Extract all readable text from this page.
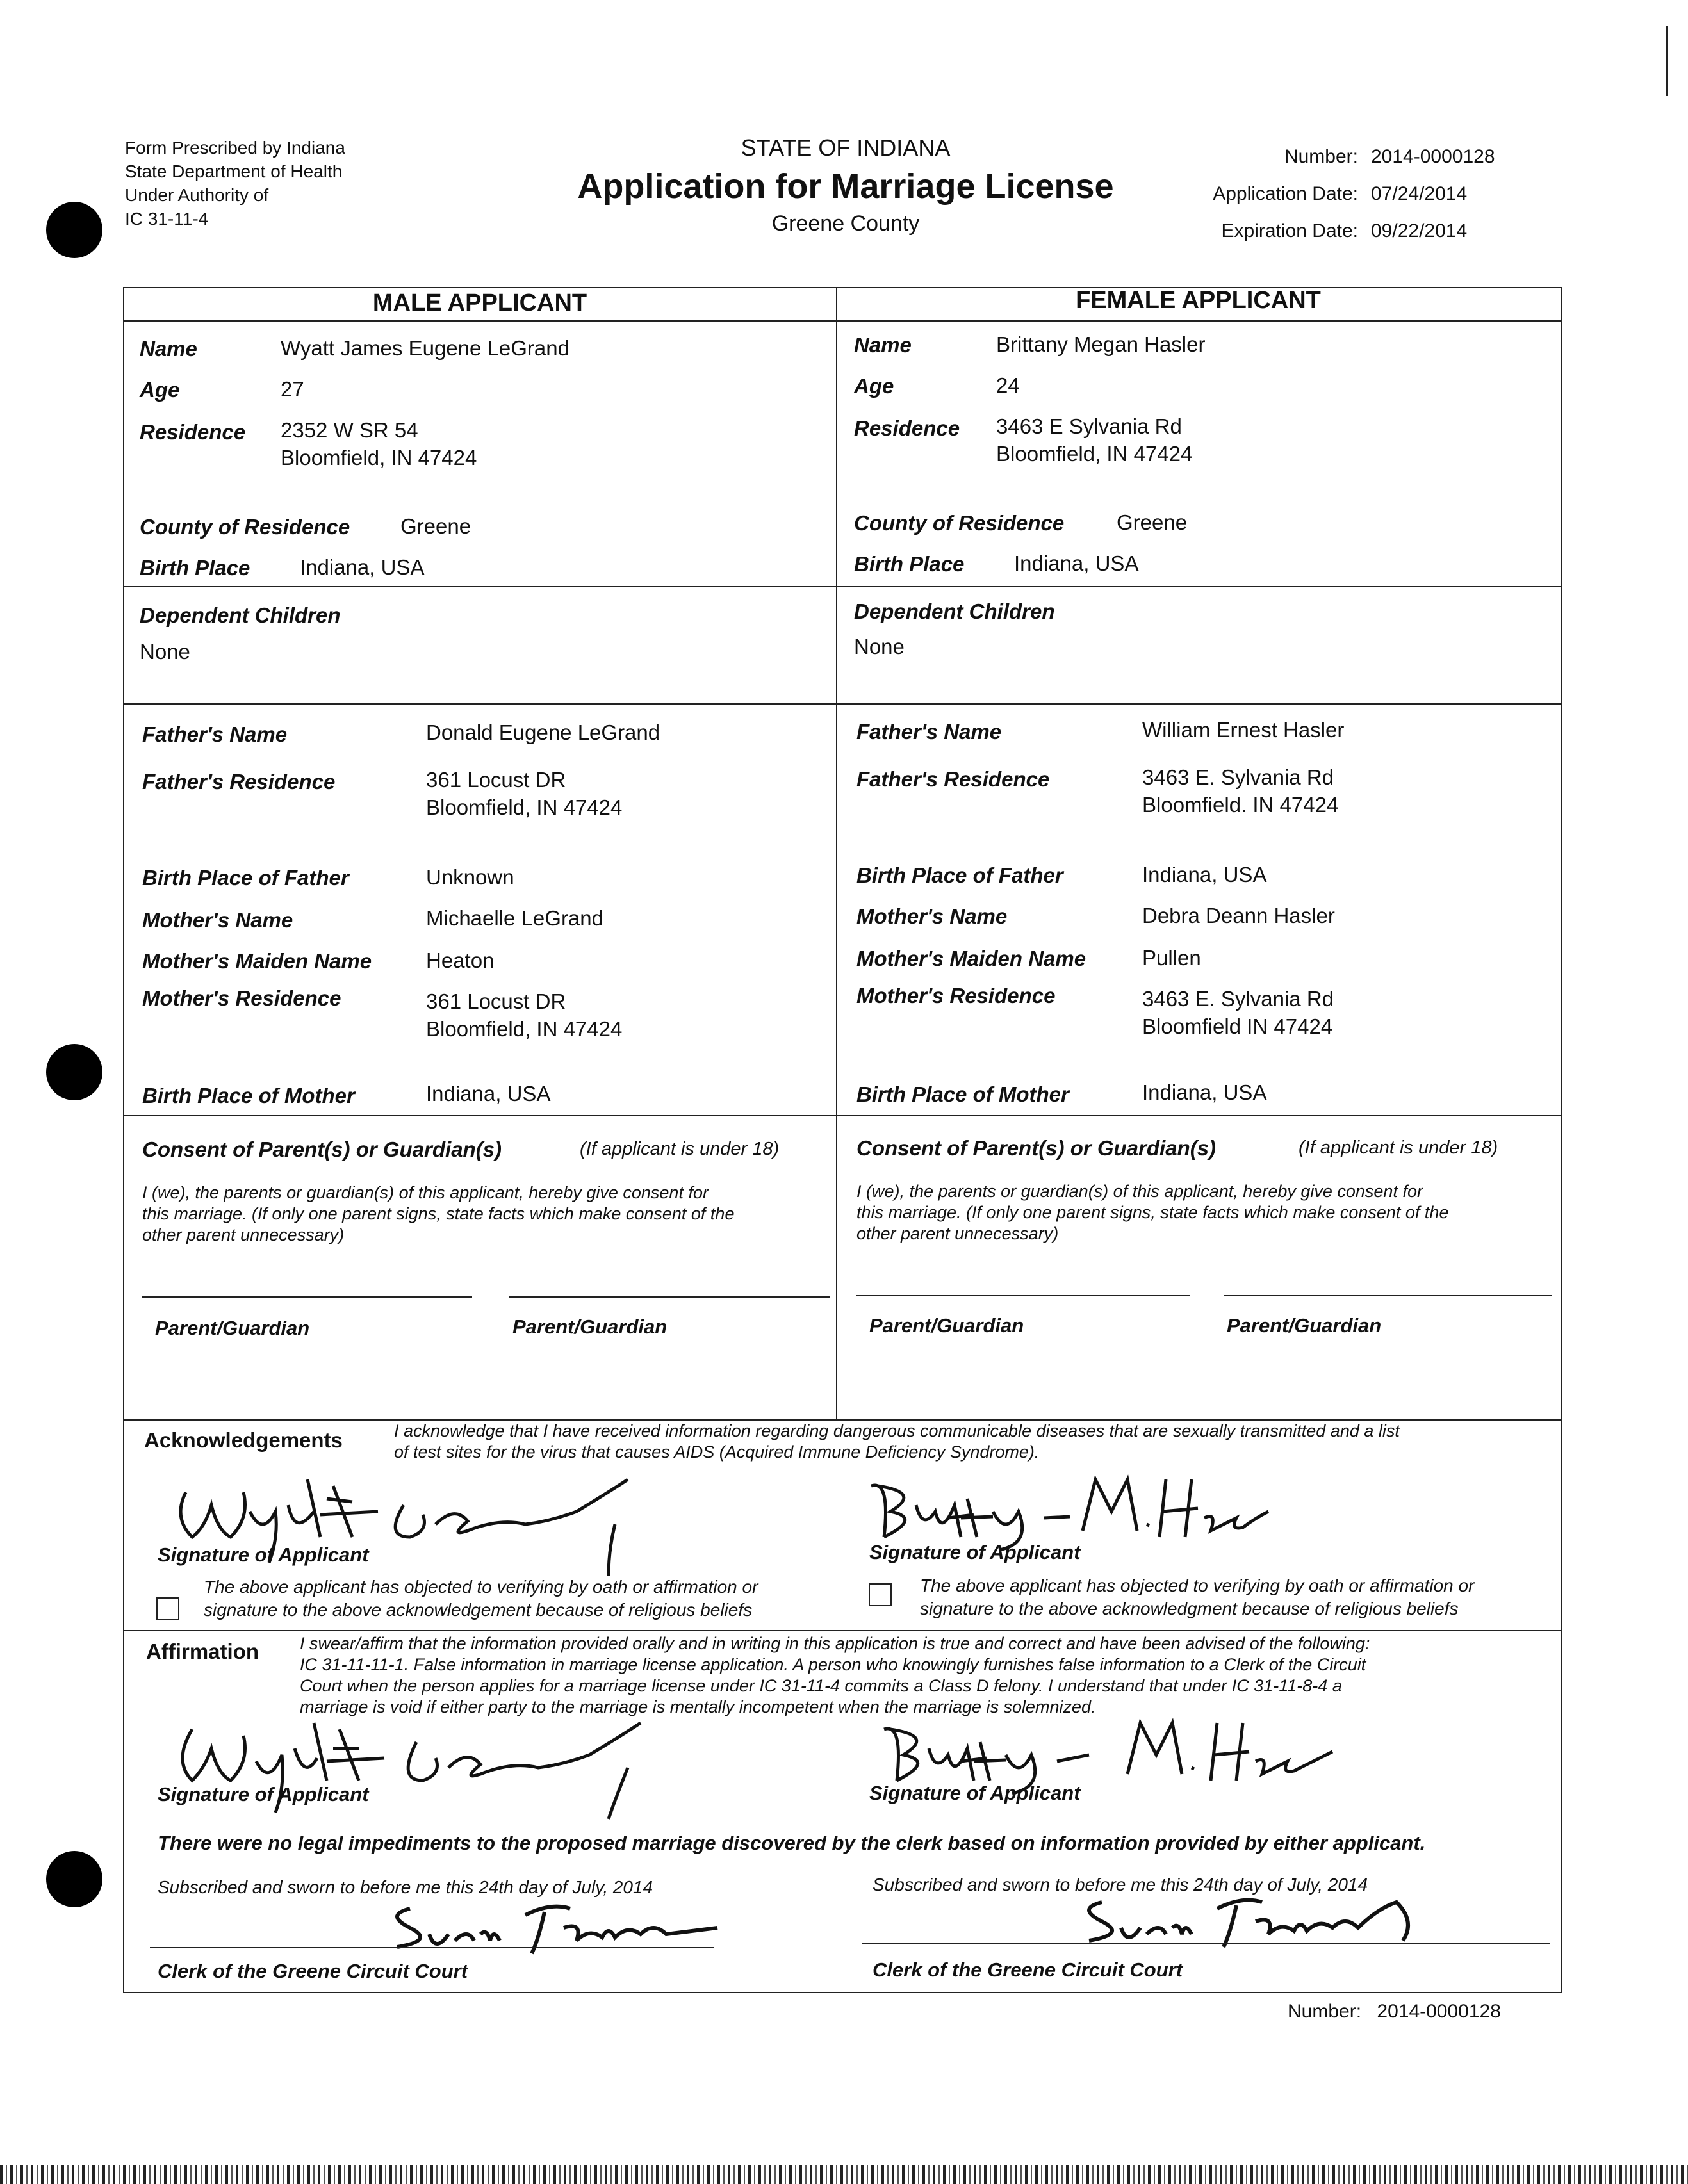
Form Prescribed by Indiana
State Department of Health
Under Authority of
IC 31-11-4
STATE OF INDIANA
Application for Marriage License
Greene County
Number: 2014-0000128
Application Date: 07/24/2014
Expiration Date: 09/22/2014
MALE APPLICANT	FEMALE APPLICANT
Name	Wyatt James Eugene LeGrand
Age	27
Residence 2352 W SR 54
Bloomfield, IN 47424
County of Residence Greene
Birth Place Indiana, USA
Dependent Children
None
Father's Name	Donald Eugene LeGrand
Father's Residence	361 Locust DR
Bloomfield, IN 47424
Birth Place of Father	Unknown
Mother's Name	Michaelle LeGrand
Mother's Maiden Name	Heaton
Mother's Residence	361 Locust DR
Bloomfield, IN 47424
Birth Place of Mother	Indiana, USA
Name	Brittany Megan Hasler
Age	24
Residence 3463 E Sylvania Rd
Bloomfield, IN 47424
County of Residence Greene
Birth Place Indiana, USA
Dependent Children
None
Father's Name	William Ernest Hasler
Father's Residence	3463 E. Sylvania Rd
Bloomfield. IN 47424
Birth Place of Father	Indiana, USA
Mother's Name	Debra Deann Hasler
Mother's Maiden Name	Pullen
Mother's Residence	3463 E. Sylvania Rd
Bloomfield IN 47424
Birth Place of Mother	Indiana, USA
Consent of Parent(s) or Guardian(s)	(If applicant is under 18)
I (we), the parents or guardian(s) of this applicant, hereby give consent for
this marriage. (If only one parent signs, state facts which make consent of the
other parent unnecessary)
Parent/Guardian	Parent/Guardian
Consent of Parent(s) or Guardian(s)	(If applicant is under 18)
I (we), the parents or guardian(s) of this applicant, hereby give consent for
this marriage. (If only one parent signs, state facts which make consent of the
other parent unnecessary)
Parent/Guardian	Parent/Guardian
Acknowledgements	I acknowledge that I have received information regarding dangerous communicable diseases that are sexually transmitted and a list
of test sites for the virus that causes AIDS (Acquired Immune Deficiency Syndrome).
Signature of Applicant	Signature of Applicant
The above applicant has objected to verifying by oath or affirmation or
signature to the above acknowledgement because of religious beliefs
The above applicant has objected to verifying by oath or affirmation or
signature to the above acknowledgment because of religious beliefs
Affirmation I swear/affirm that the information provided orally and in writing in this application is true and correct and have been advised of the following:
IC 31-11-11-1. False information in marriage license application. A person who knowingly furnishes false information to a Clerk of the Circuit
Court when the person applies for a marriage license under IC 31-11-4 commits a Class D felony. I understand that under IC 31-11-8-4 a
marriage is void if either party to the marriage is mentally incompetent when the marriage is solemnized.
Signature of Applicant	Signature of Applicant
There were no legal impediments to the proposed marriage discovered by the clerk based on information provided by either applicant.
Subscribed and sworn to before me this 24th day of July, 2014
Clerk of the Greene Circuit Court
Subscribed and sworn to before me this 24th day of July, 2014
Clerk of the Greene Circuit Court
Number: 2014-0000128
